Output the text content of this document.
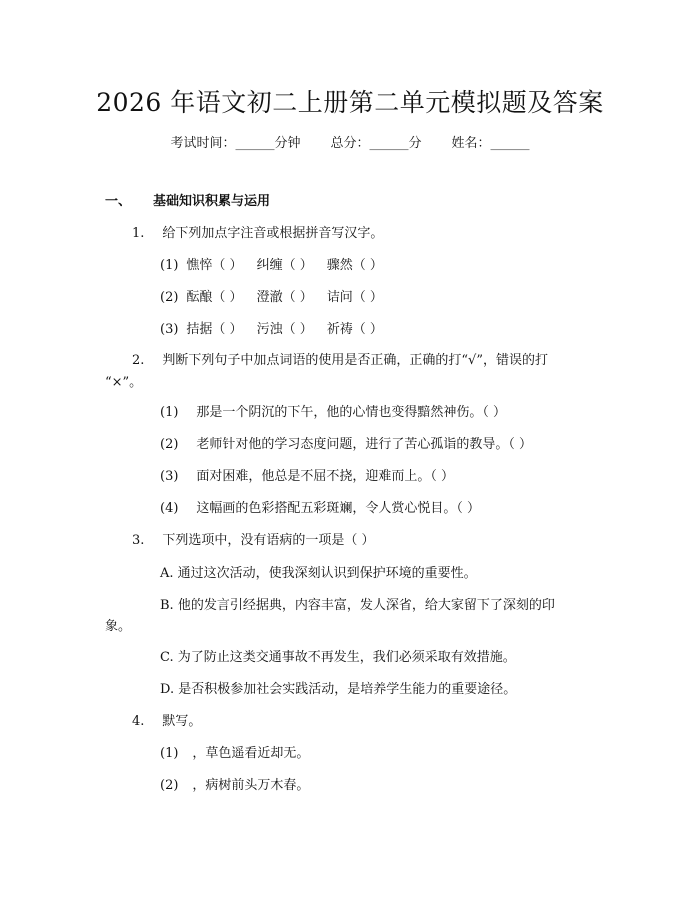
2026 年语文初二上册第二单元模拟题及答案
考试时间：______分钟 总分：______分 姓名：______
一、 基础知识积累与运用
1. 给下列加点字注音或根据拼音写汉字。
(1) 憔悴（ ） 纠缠（ ） 骤然（ ）
(2) 酝酿（ ） 澄澈（ ） 诘问（ ）
(3) 拮据（ ） 污浊（ ） 祈祷（ ）
2. 判断下列句子中加点词语的使用是否正确，正确的打“√”，错误的打
“×”。
(1) 那是一个阴沉的下午，他的心情也变得黯然神伤。（ ）
(2) 老师针对他的学习态度问题，进行了苦心孤诣的教导。（ ）
(3) 面对困难，他总是不屈不挠，迎难而上。（ ）
(4) 这幅画的色彩搭配五彩斑斓，令人赏心悦目。（ ）
3. 下列选项中，没有语病的一项是（ ）
A. 通过这次活动，使我深刻认识到保护环境的重要性。
B. 他的发言引经据典，内容丰富，发人深省，给大家留下了深刻的印
象。
C. 为了防止这类交通事故不再发生，我们必须采取有效措施。
D. 是否积极参加社会实践活动，是培养学生能力的重要途径。
4. 默写。
(1) ，草色遥看近却无。
(2) ，病树前头万木春。
